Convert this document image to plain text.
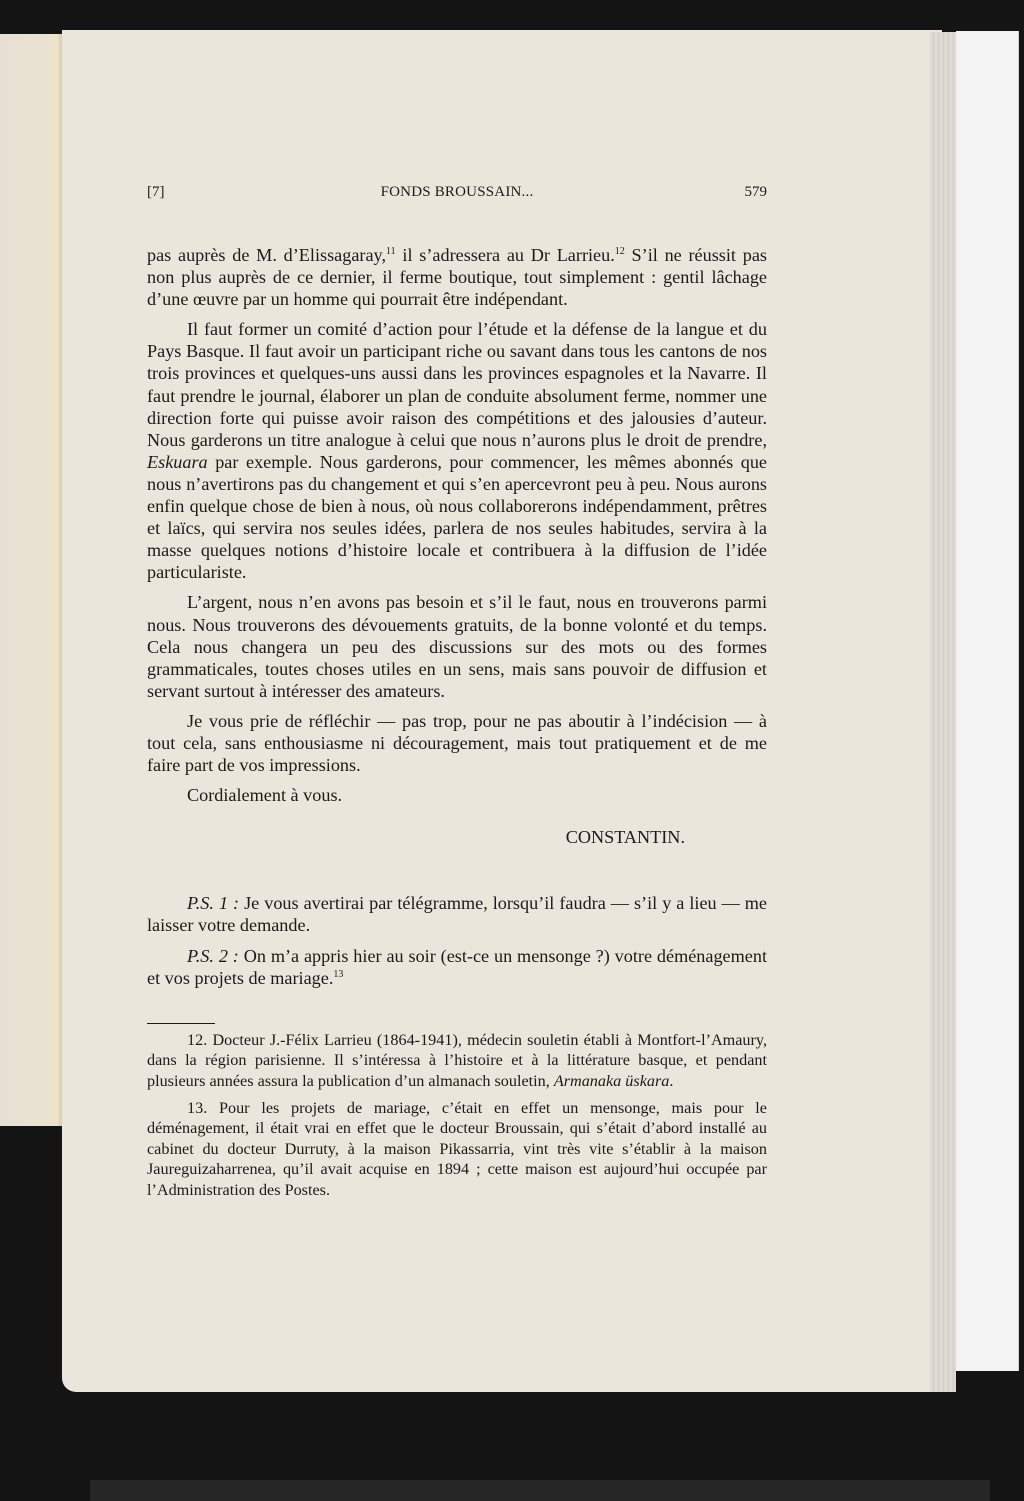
[7]	FONDS BROUSSAIN...	579

pas auprès de M. d’Elissagaray,$^{11}$ il s’adressera au Dr Larrieu.$^{12}$ S’il ne réussit pas non plus auprès de ce dernier, il ferme boutique, tout simplement : gentil lâchage d’une œuvre par un homme qui pourrait être indépendant.

Il faut former un comité d’action pour l’étude et la défense de la langue et du Pays Basque. Il faut avoir un participant riche ou savant dans tous les cantons de nos trois provinces et quelques-uns aussi dans les provinces espagnoles et la Navarre. Il faut prendre le journal, élaborer un plan de conduite absolument ferme, nommer une direction forte qui puisse avoir raison des compétitions et des jalousies d’auteur. Nous garderons un titre analogue à celui que nous n’aurons plus le droit de prendre, Eskuara par exemple. Nous garderons, pour commencer, les mêmes abonnés que nous n’avertirons pas du changement et qui s’en apercevront peu à peu. Nous aurons enfin quelque chose de bien à nous, où nous collaborerons indépendamment, prêtres et laïcs, qui servira nos seules idées, parlera de nos seules habitudes, servira à la masse quelques notions d’histoire locale et contribuera à la diffusion de l’idée particulariste.

L’argent, nous n’en avons pas besoin et s’il le faut, nous en trouverons parmi nous. Nous trouverons des dévouements gratuits, de la bonne volonté et du temps. Cela nous changera un peu des discussions sur des mots ou des formes grammaticales, toutes choses utiles en un sens, mais sans pouvoir de diffusion et servant surtout à intéresser des amateurs.

Je vous prie de réfléchir — pas trop, pour ne pas aboutir à l’indécision — à tout cela, sans enthousiasme ni découragement, mais tout pratiquement et de me faire part de vos impressions.

Cordialement à vous.

CONSTANTIN.

P.S. 1 : Je vous avertirai par télégramme, lorsqu’il faudra — s’il y a lieu — me laisser votre demande.

P.S. 2 : On m’a appris hier au soir (est-ce un mensonge ?) votre déménagement et vos projets de mariage.$^{13}$

12. Docteur J.-Félix Larrieu (1864-1941), médecin souletin établi à Montfort-l’Amaury, dans la région parisienne. Il s’intéressa à l’histoire et à la littérature basque, et pendant plusieurs années assura la publication d’un almanach souletin, Armanaka üskara.

13. Pour les projets de mariage, c’était en effet un mensonge, mais pour le déménagement, il était vrai en effet que le docteur Broussain, qui s’était d’abord installé au cabinet du docteur Durruty, à la maison Pikassarria, vint très vite s’établir à la maison Jaureguizaharrenea, qu’il avait acquise en 1894 ; cette maison est aujourd’hui occupée par l’Administration des Postes.
